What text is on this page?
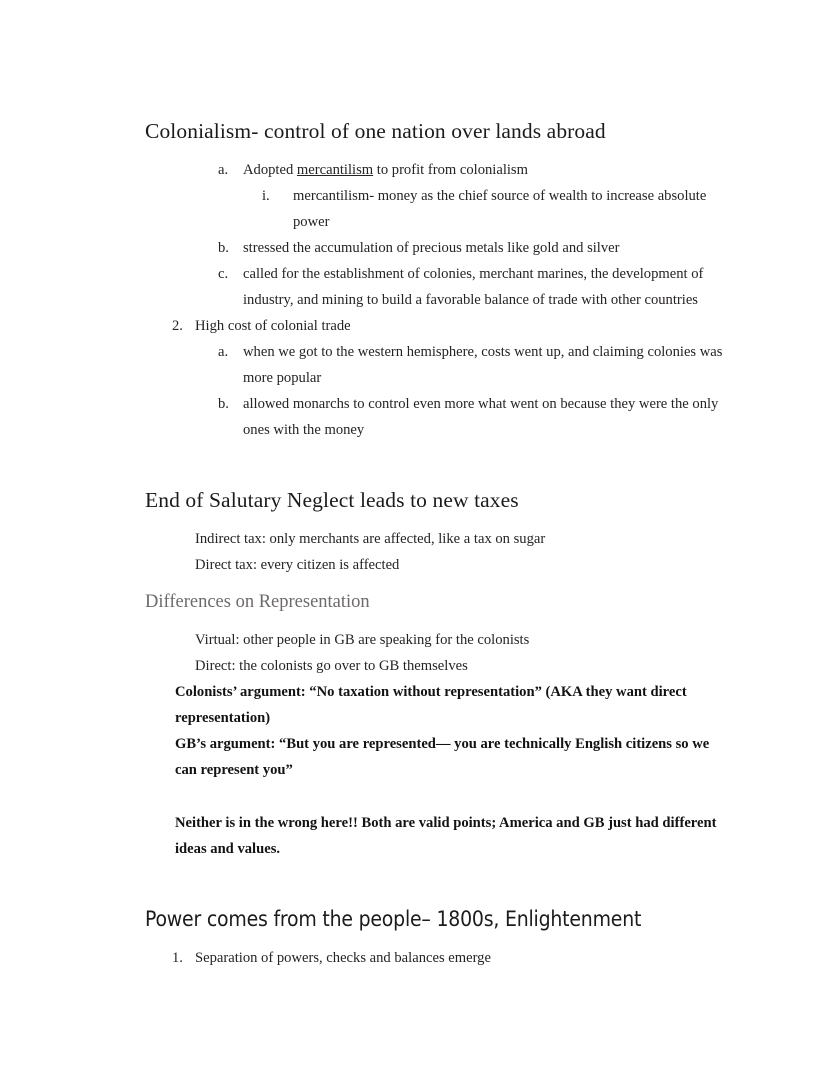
Colonialism- control of one nation over lands abroad
a.	Adopted mercantilism to profit from colonialism
i.	mercantilism- money as the chief source of wealth to increase absolute power
b. stressed the accumulation of precious metals like gold and silver
c.	called for the establishment of colonies, merchant marines, the development of industry, and mining to build a favorable balance of trade with other countries
2. High cost of colonial trade
a.	when we got to the western hemisphere, costs went up, and claiming colonies was more popular
b. allowed monarchs to control even more what went on because they were the only ones with the money
End of Salutary Neglect leads to new taxes
Indirect tax: only merchants are affected, like a tax on sugar
Direct tax: every citizen is affected
Differences on Representation
Virtual: other people in GB are speaking for the colonists
Direct: the colonists go over to GB themselves
Colonists’ argument: “No taxation without representation” (AKA they want direct representation)
GB’s argument: “But you are represented— you are technically English citizens so we can represent you”
Neither is in the wrong here!! Both are valid points; America and GB just had different ideas and values.
Power comes from the people– 1800s, Enlightenment
1. Separation of powers, checks and balances emerge
